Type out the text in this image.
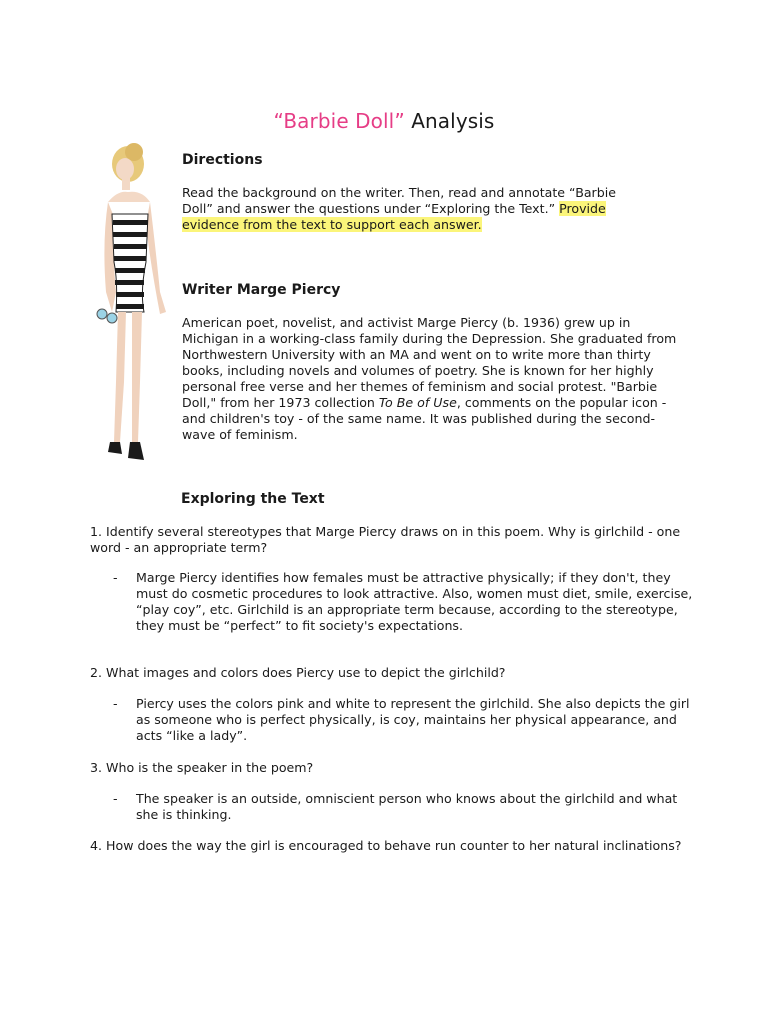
“Barbie Doll” Analysis
Directions
Read the background on the writer. Then, read and annotate “Barbie Doll” and answer the questions under “Exploring the Text.” Provide evidence from the text to support each answer.
Writer Marge Piercy
American poet, novelist, and activist Marge Piercy (b. 1936) grew up in Michigan in a working-class family during the Depression. She graduated from Northwestern University with an MA and went on to write more than thirty books, including novels and volumes of poetry. She is known for her highly personal free verse and her themes of feminism and social protest. "Barbie Doll," from her 1973 collection To Be of Use, comments on the popular icon - and children's toy - of the same name. It was published during the second-wave of feminism.
Exploring the Text
1. Identify several stereotypes that Marge Piercy draws on in this poem. Why is girlchild - one word - an appropriate term?
- Marge Piercy identifies how females must be attractive physically; if they don't, they must do cosmetic procedures to look attractive. Also, women must diet, smile, exercise, “play coy”, etc. Girlchild is an appropriate term because, according to the stereotype, they must be “perfect” to fit society's expectations.
2. What images and colors does Piercy use to depict the girlchild?
- Piercy uses the colors pink and white to represent the girlchild. She also depicts the girl as someone who is perfect physically, is coy, maintains her physical appearance, and acts “like a lady”.
3. Who is the speaker in the poem?
- The speaker is an outside, omniscient person who knows about the girlchild and what she is thinking.
4. How does the way the girl is encouraged to behave run counter to her natural inclinations?
